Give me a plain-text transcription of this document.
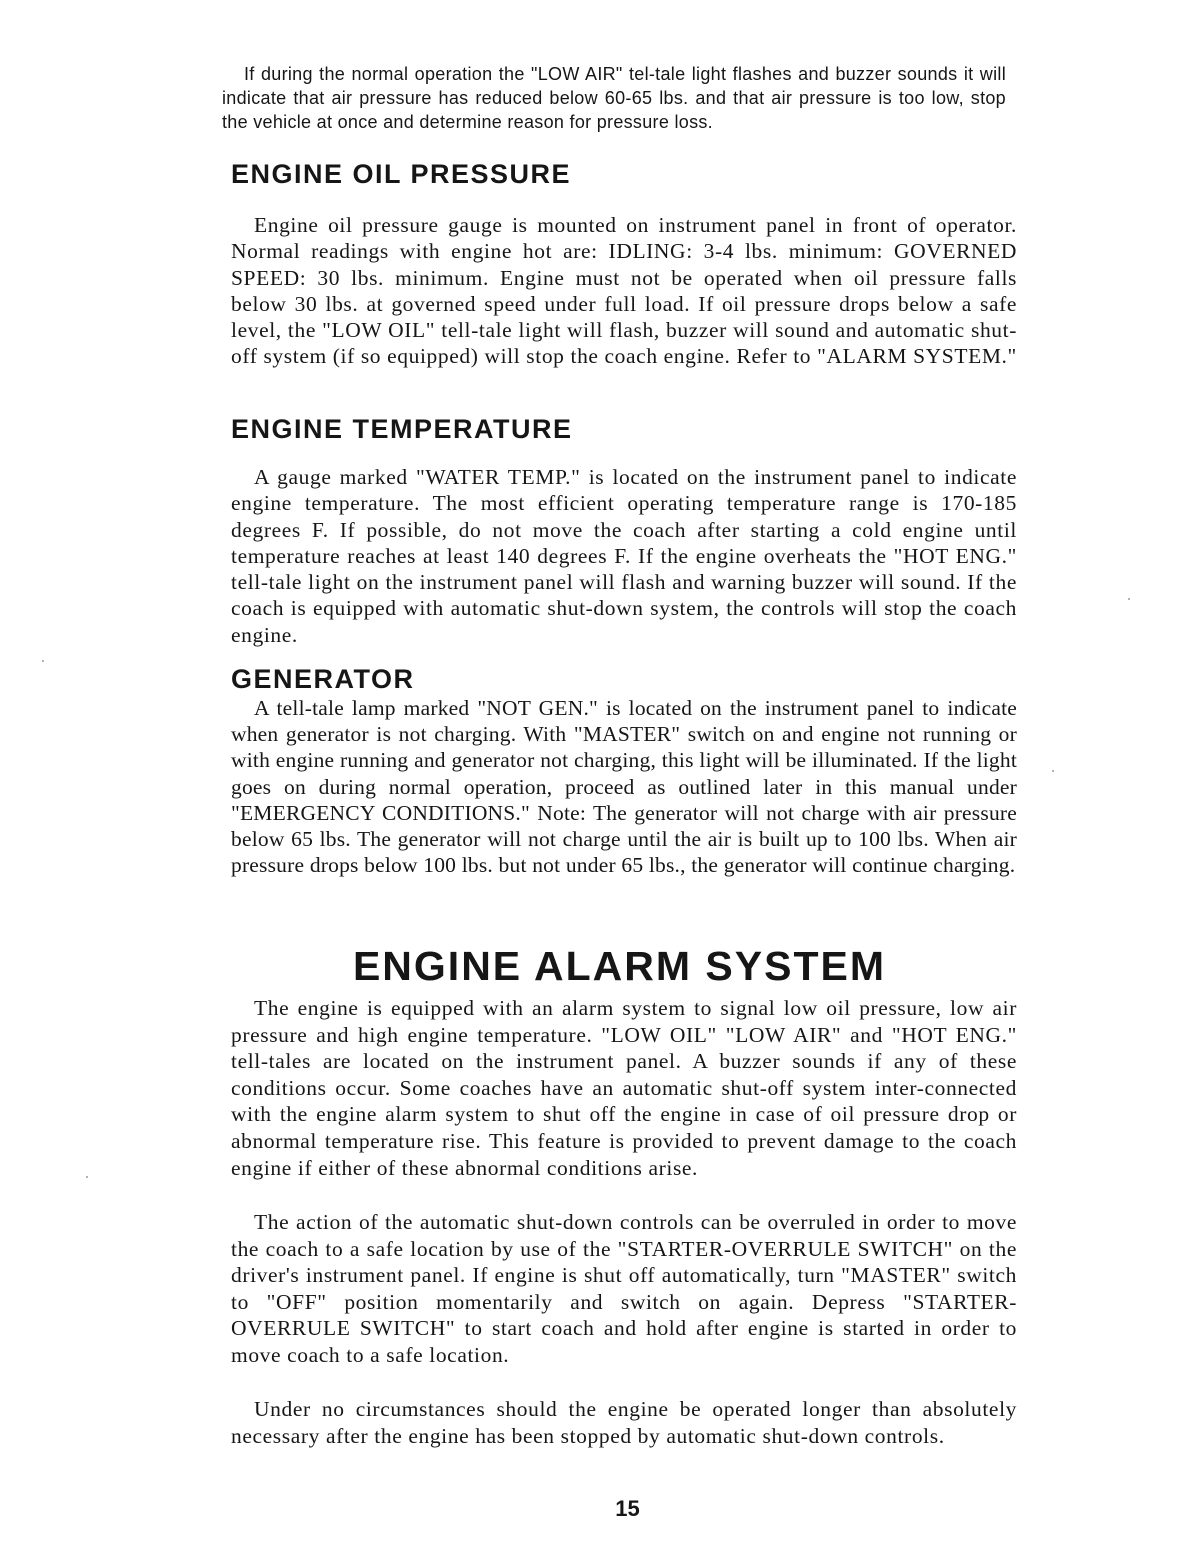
If during the normal operation the "LOW AIR" tel-tale light flashes and buzzer sounds it will indicate that air pressure has reduced below 60-65 lbs. and that air pressure is too low, stop the vehicle at once and determine reason for pressure loss.

ENGINE OIL PRESSURE

Engine oil pressure gauge is mounted on instrument panel in front of operator. Normal readings with engine hot are: IDLING: 3-4 lbs. minimum: GOVERNED SPEED: 30 lbs. minimum. Engine must not be operated when oil pressure falls below 30 lbs. at governed speed under full load. If oil pressure drops below a safe level, the "LOW OIL" tell-tale light will flash, buzzer will sound and automatic shut-off system (if so equipped) will stop the coach engine. Refer to "ALARM SYSTEM."

ENGINE TEMPERATURE

A gauge marked "WATER TEMP." is located on the instrument panel to indicate engine temperature. The most efficient operating temperature range is 170-185 degrees F. If possible, do not move the coach after starting a cold engine until temperature reaches at least 140 degrees F. If the engine overheats the "HOT ENG." tell-tale light on the instrument panel will flash and warning buzzer will sound. If the coach is equipped with automatic shut-down system, the controls will stop the coach engine.

GENERATOR

A tell-tale lamp marked "NOT GEN." is located on the instrument panel to indicate when generator is not charging. With "MASTER" switch on and engine not running or with engine running and generator not charging, this light will be illuminated. If the light goes on during normal operation, proceed as outlined later in this manual under "EMERGENCY CONDITIONS." Note: The generator will not charge with air pressure below 65 lbs. The generator will not charge until the air is built up to 100 lbs. When air pressure drops below 100 lbs. but not under 65 lbs., the generator will continue charging.

ENGINE ALARM SYSTEM

The engine is equipped with an alarm system to signal low oil pressure, low air pressure and high engine temperature. "LOW OIL" "LOW AIR" and "HOT ENG." tell-tales are located on the instrument panel. A buzzer sounds if any of these conditions occur. Some coaches have an automatic shut-off system inter-connected with the engine alarm system to shut off the engine in case of oil pressure drop or abnormal temperature rise. This feature is provided to prevent damage to the coach engine if either of these abnormal conditions arise.

The action of the automatic shut-down controls can be overruled in order to move the coach to a safe location by use of the "STARTER-OVERRULE SWITCH" on the driver's instrument panel. If engine is shut off automatically, turn "MASTER" switch to "OFF" position momentarily and switch on again. Depress "STARTER-OVERRULE SWITCH" to start coach and hold after engine is started in order to move coach to a safe location.

Under no circumstances should the engine be operated longer than absolutely necessary after the engine has been stopped by automatic shut-down controls.

15
